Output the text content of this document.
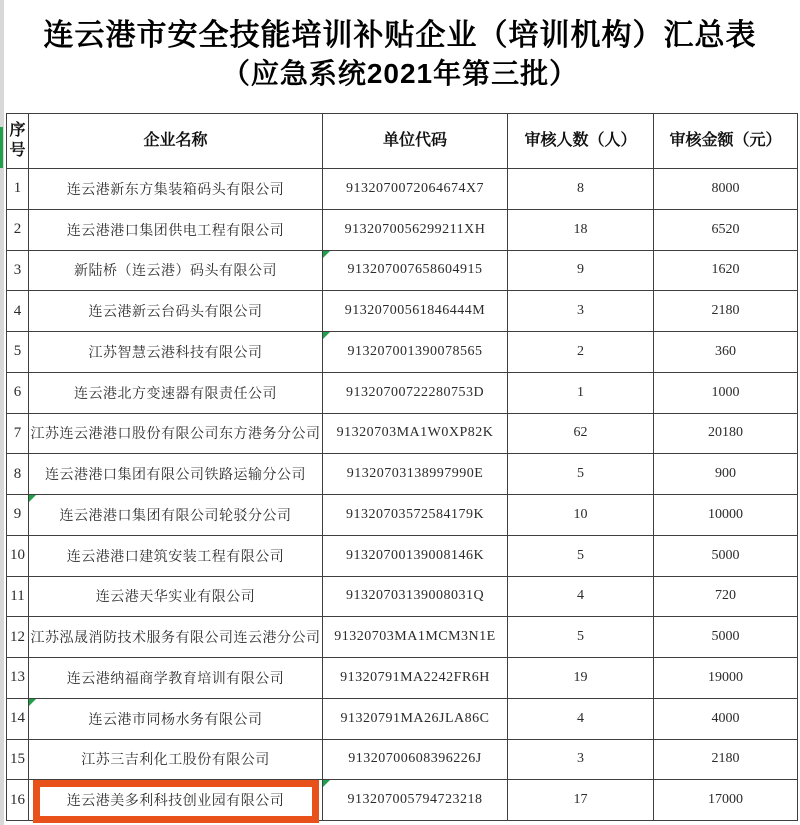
连云港市安全技能培训补贴企业（培训机构）汇总表
（应急系统2021年第三批）
序号	企业名称	单位代码	审核人数（人）	审核金额（元）
1	连云港新东方集装箱码头有限公司	9132070072064674X7	8	8000
2	连云港港口集团供电工程有限公司	9132070056299211XH	18	6520
3	新陆桥（连云港）码头有限公司	913207007658604915	9	1620
4	连云港新云台码头有限公司	91320700561846444M	3	2180
5	江苏智慧云港科技有限公司	913207001390078565	2	360
6	连云港北方变速器有限责任公司	91320700722280753D	1	1000
7	江苏连云港港口股份有限公司东方港务分公司	91320703MA1W0XP82K	62	20180
8	连云港港口集团有限公司铁路运输分公司	91320703138997990E	5	900
9	连云港港口集团有限公司轮驳分公司	91320703572584179K	10	10000
10	连云港港口建筑安装工程有限公司	91320700139008146K	5	5000
11	连云港天华实业有限公司	91320703139008031Q	4	720
12	江苏泓晟消防技术服务有限公司连云港分公司	91320703MA1MCM3N1E	5	5000
13	连云港纳福商学教育培训有限公司	91320791MA2242FR6H	19	19000
14	连云港市同杨水务有限公司	91320791MA26JLA86C	4	4000
15	江苏三吉利化工股份有限公司	91320700608396226J	3	2180
16	连云港美多利科技创业园有限公司	913207005794723218	17	17000
